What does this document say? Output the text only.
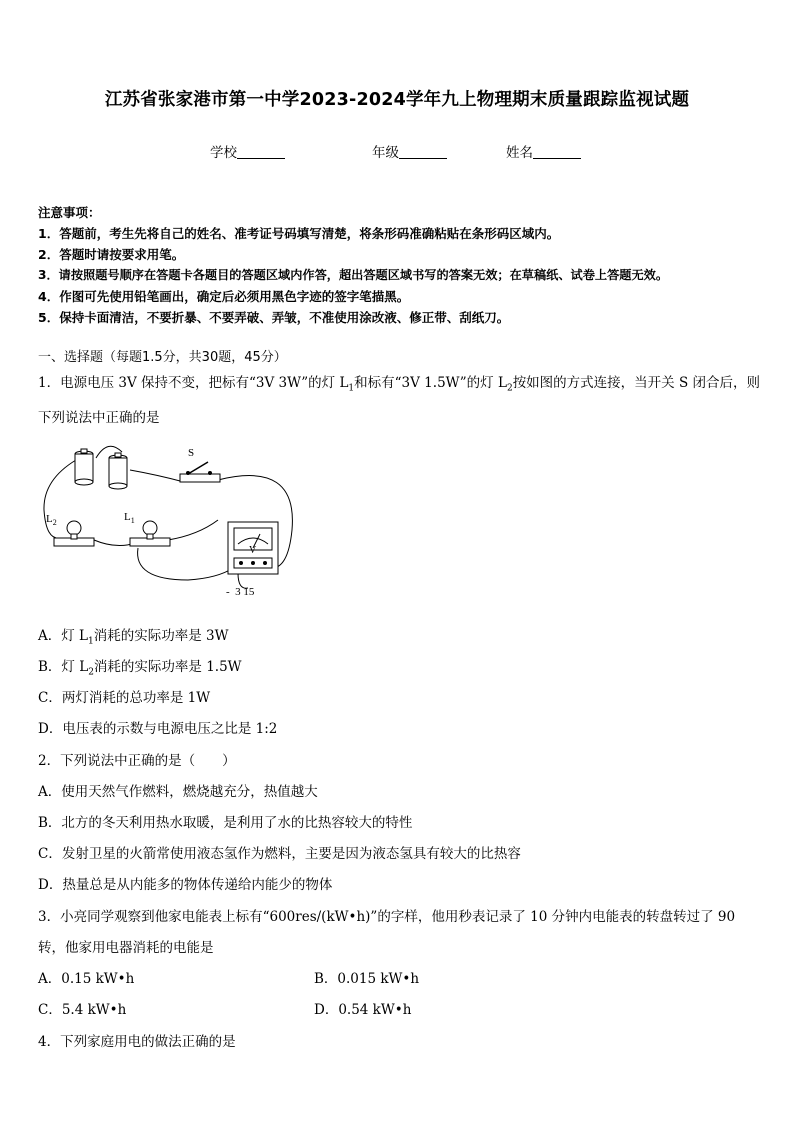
江苏省张家港市第一中学2023-2024学年九上物理期末质量跟踪监视试题
学校	年级	姓名
注意事项：
1．答题前，考生先将自己的姓名、准考证号码填写清楚，将条形码准确粘贴在条形码区域内。
2．答题时请按要求用笔。
3．请按照题号顺序在答题卡各题目的答题区域内作答，超出答题区域书写的答案无效；在草稿纸、试卷上答题无效。
4．作图可先使用铅笔画出，确定后必须用黑色字迹的签字笔描黑。
5．保持卡面清洁，不要折暴、不要弄破、弄皱，不准使用涂改液、修正带、刮纸刀。
一、选择题（每题1.5分，共30题，45分）
1．电源电压 3V 保持不变，把标有“3V 3W”的灯 $L_1$和标有“3V 1.5W”的灯 $L_2$按如图的方式连接，当开关 S 闭合后，则
下列说法中正确的是
S
$L_2$	$L_1$
V
-  3 15
A．灯 $L_1$消耗的实际功率是 3W
B．灯 $L_2$消耗的实际功率是 1.5W
C．两灯消耗的总功率是 1W
D．电压表的示数与电源电压之比是 1:2
2．下列说法中正确的是（　　）
A．使用天然气作燃料，燃烧越充分，热值越大
B．北方的冬天利用热水取暖，是利用了水的比热容较大的特性
C．发射卫星的火箭常使用液态氢作为燃料，主要是因为液态氢具有较大的比热容
D．热量总是从内能多的物体传递给内能少的物体
3．小亮同学观察到他家电能表上标有“600res/(kW•h)”的字样，他用秒表记录了 10 分钟内电能表的转盘转过了 90
转，他家用电器消耗的电能是
A．0.15 kW•h	B．0.015 kW•h
C．5.4 kW•h	D．0.54 kW•h
4．下列家庭用电的做法正确的是
